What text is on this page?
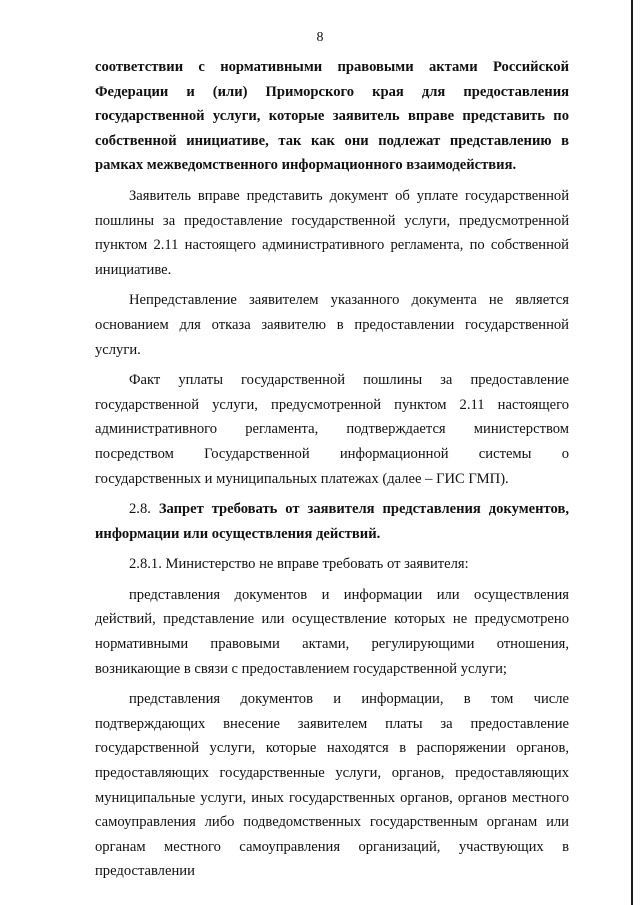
8

соответствии с нормативными правовыми актами Российской Федерации и (или) Приморского края для предоставления государственной услуги, которые заявитель вправе представить по собственной инициативе, так как они подлежат представлению в рамках межведомственного информационного взаимодействия.

Заявитель вправе представить документ об уплате государственной пошлины за предоставление государственной услуги, предусмотренной пунктом 2.11 настоящего административного регламента, по собственной инициативе.

Непредставление заявителем указанного документа не является основанием для отказа заявителю в предоставлении государственной услуги.

Факт уплаты государственной пошлины за предоставление государственной услуги, предусмотренной пунктом 2.11 настоящего административного регламента, подтверждается министерством посредством Государственной информационной системы о государственных и муниципальных платежах (далее – ГИС ГМП).

2.8. Запрет требовать от заявителя представления документов, информации или осуществления действий.

2.8.1. Министерство не вправе требовать от заявителя:

представления документов и информации или осуществления действий, представление или осуществление которых не предусмотрено нормативными правовыми актами, регулирующими отношения, возникающие в связи с предоставлением государственной услуги;

представления документов и информации, в том числе подтверждающих внесение заявителем платы за предоставление государственной услуги, которые находятся в распоряжении органов, предоставляющих государственные услуги, органов, предоставляющих муниципальные услуги, иных государственных органов, органов местного самоуправления либо подведомственных государственным органам или органам местного самоуправления организаций, участвующих в предоставлении
